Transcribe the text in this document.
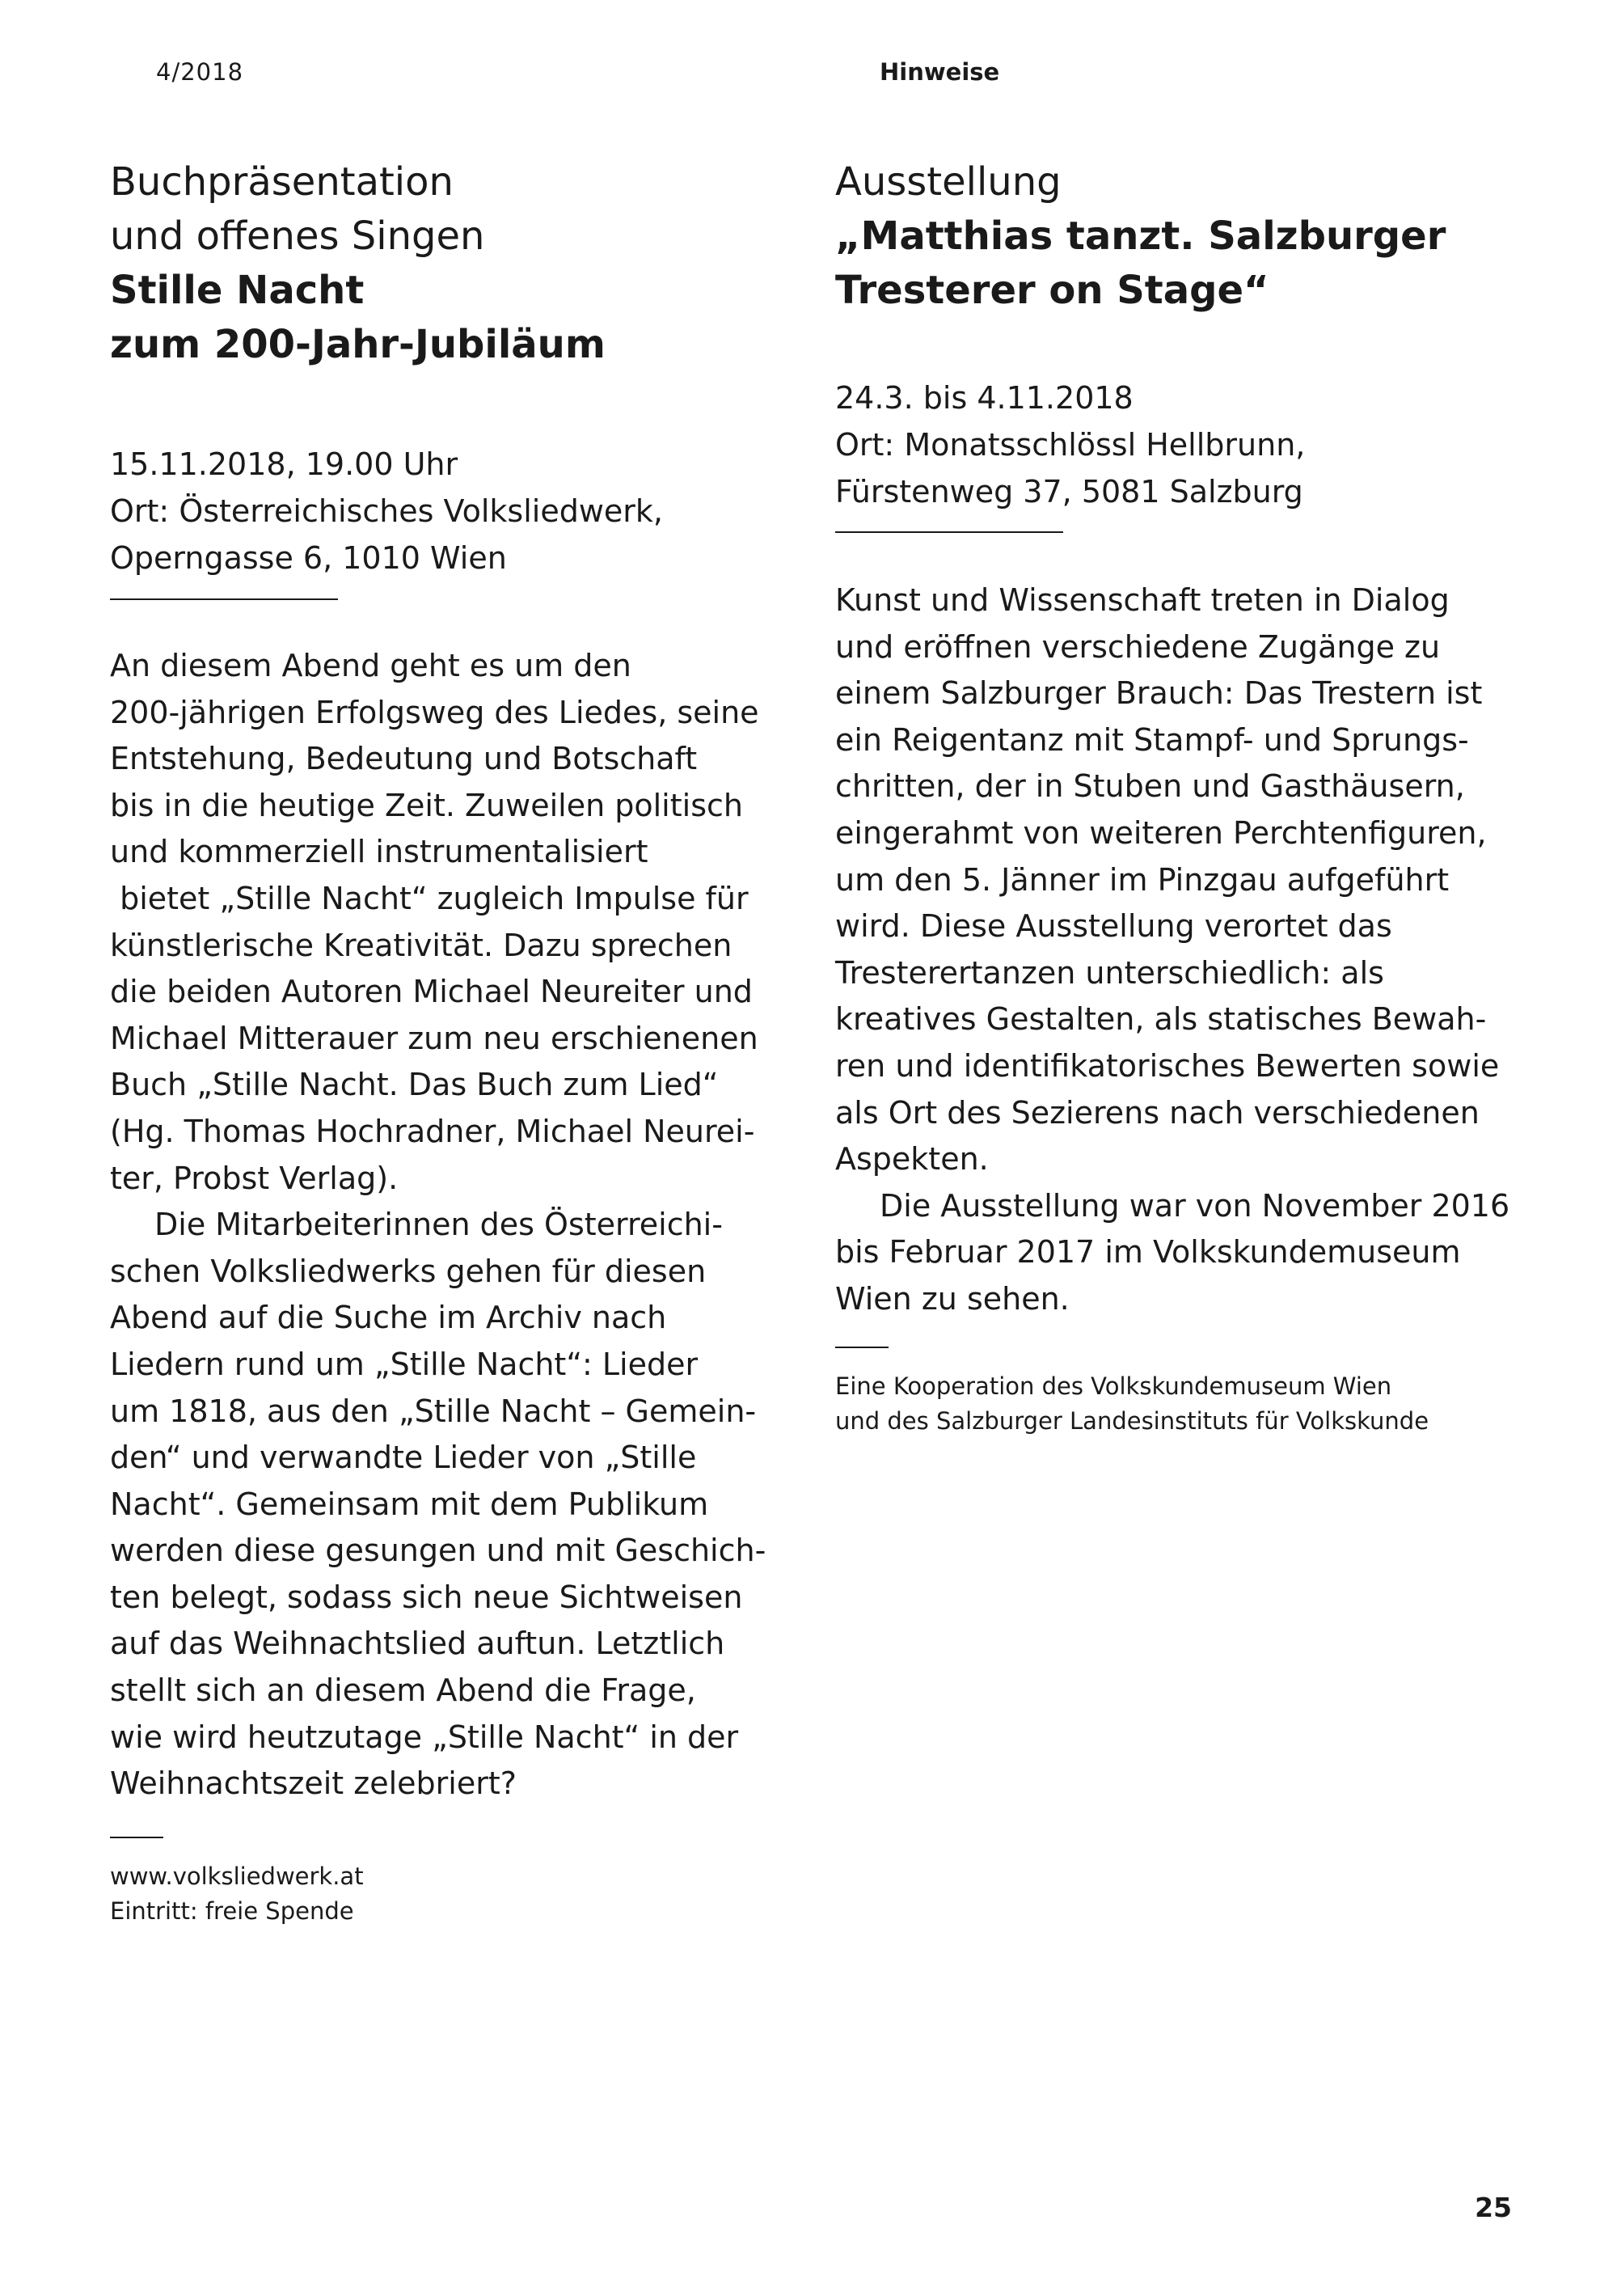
4/2018	Hinweise
Buchpräsentation
und offenes Singen
Stille Nacht
zum 200-Jahr-Jubiläum
15.11.2018, 19.00 Uhr
Ort: Österreichisches Volksliedwerk,
Operngasse 6, 1010 Wien
An diesem Abend geht es um den
200-jährigen Erfolgsweg des Liedes, seine
Entstehung, Bedeutung und Botschaft
bis in die heutige Zeit. Zuweilen politisch
und kommerziell instrumentalisiert
bietet „Stille Nacht“ zugleich Impulse für
künstlerische Kreativität. Dazu sprechen
die beiden Autoren Michael Neureiter und
Michael Mitterauer zum neu erschienenen
Buch „Stille Nacht. Das Buch zum Lied“
(Hg. Thomas Hochradner, Michael Neurei-
ter, Probst Verlag).
Die Mitarbeiterinnen des Österreichi-
schen Volksliedwerks gehen für diesen
Abend auf die Suche im Archiv nach
Liedern rund um „Stille Nacht“: Lieder
um 1818, aus den „Stille Nacht – Gemein-
den“ und verwandte Lieder von „Stille
Nacht“. Gemeinsam mit dem Publikum
werden diese gesungen und mit Geschich-
ten belegt, sodass sich neue Sichtweisen
auf das Weihnachtslied auftun. Letztlich
stellt sich an diesem Abend die Frage,
wie wird heutzutage „Stille Nacht“ in der
Weihnachtszeit zelebriert?
www.volksliedwerk.at
Eintritt: freie Spende
Ausstellung
„Matthias tanzt. Salzburger
Tresterer on Stage“
24.3. bis 4.11.2018
Ort: Monatsschlössl Hellbrunn,
Fürstenweg 37, 5081 Salzburg
Kunst und Wissenschaft treten in Dialog
und eröffnen verschiedene Zugänge zu
einem Salzburger Brauch: Das Trestern ist
ein Reigentanz mit Stampf- und Sprungs-
chritten, der in Stuben und Gasthäusern,
eingerahmt von weiteren Perchtenfiguren,
um den 5. Jänner im Pinzgau aufgeführt
wird. Diese Ausstellung verortet das
Tresterertanzen unterschiedlich: als
kreatives Gestalten, als statisches Bewah-
ren und identifikatorisches Bewerten sowie
als Ort des Sezierens nach verschiedenen
Aspekten.
Die Ausstellung war von November 2016
bis Februar 2017 im Volkskundemuseum
Wien zu sehen.
Eine Kooperation des Volkskundemuseum Wien
und des Salzburger Landesinstituts für Volkskunde
25
